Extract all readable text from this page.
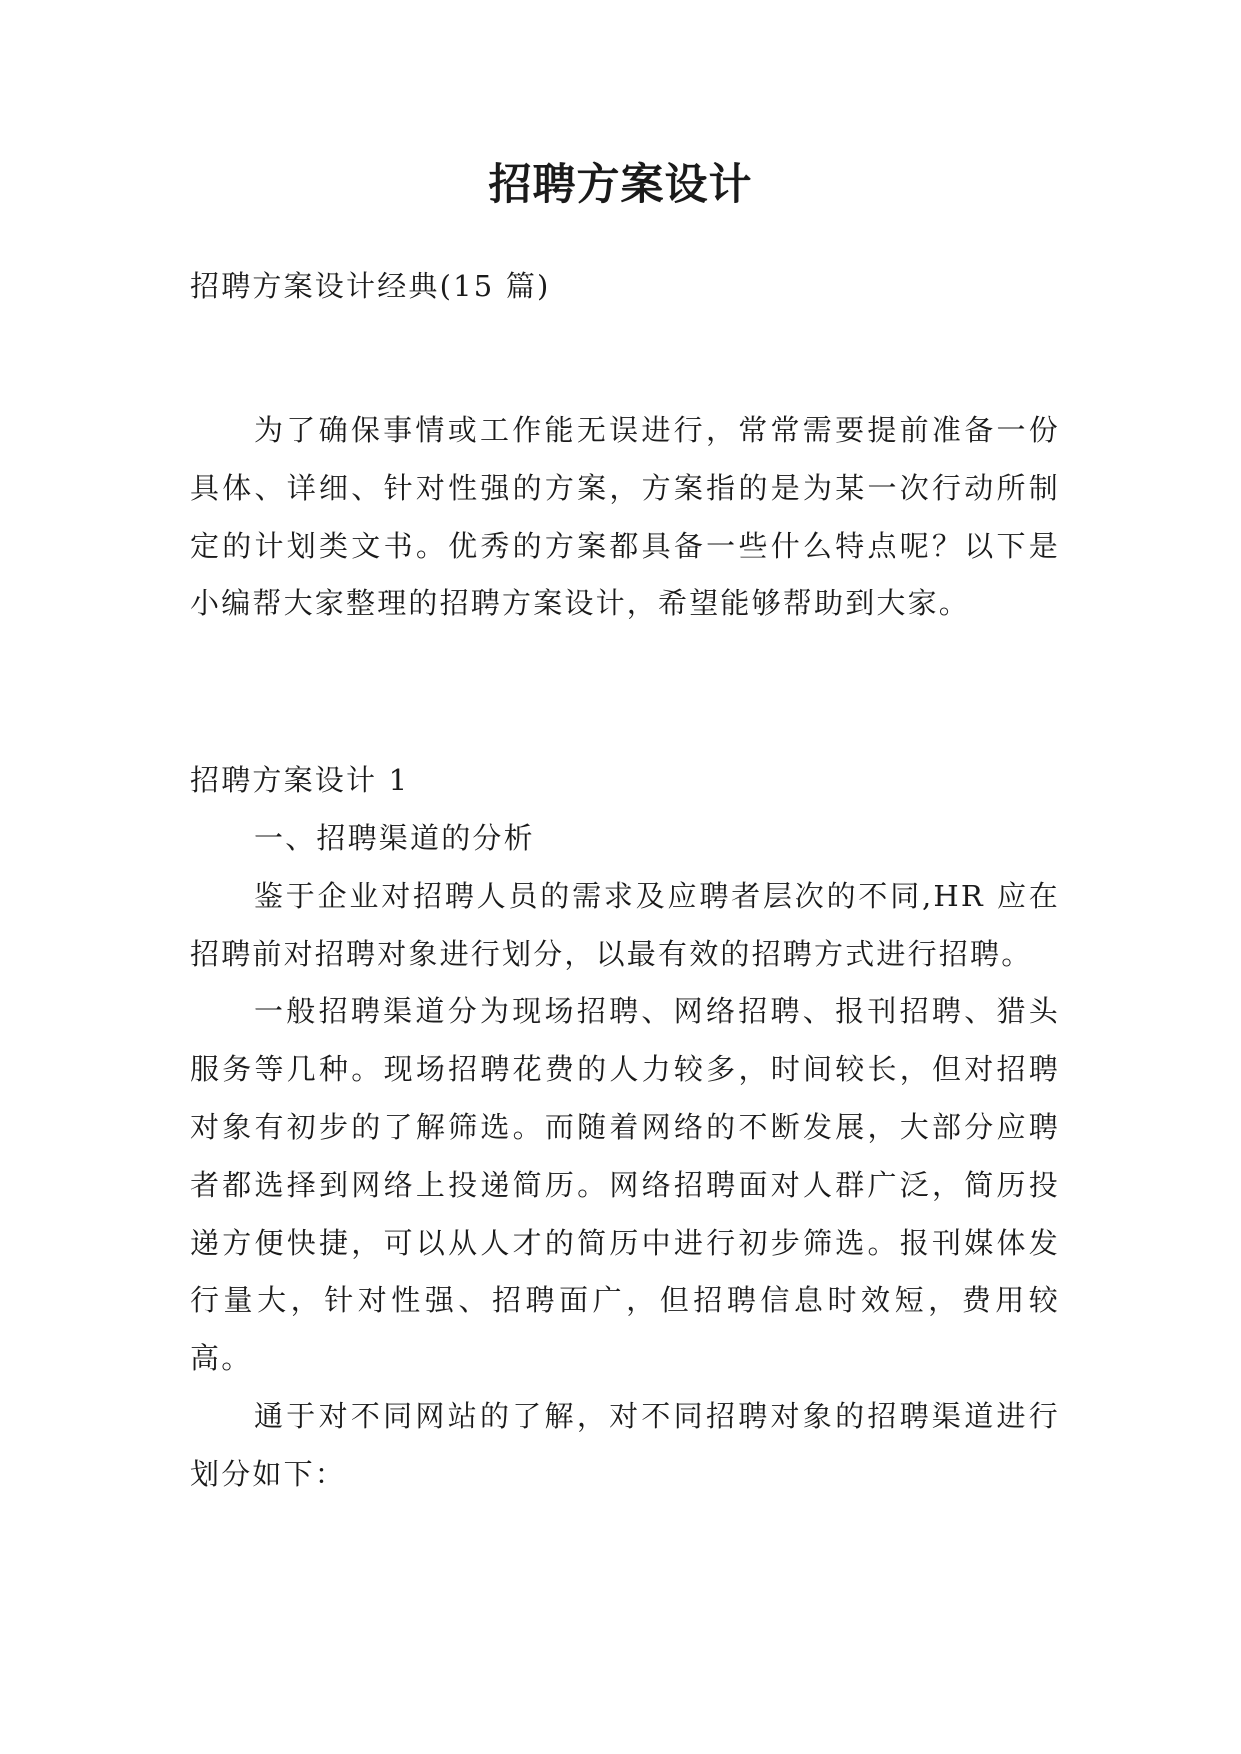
招聘方案设计
招聘方案设计经典(15 篇)

为了确保事情或工作能无误进行，常常需要提前准备一份具体、详细、针对性强的方案，方案指的是为某一次行动所制定的计划类文书。优秀的方案都具备一些什么特点呢？以下是小编帮大家整理的招聘方案设计，希望能够帮助到大家。

招聘方案设计 1

一、招聘渠道的分析

鉴于企业对招聘人员的需求及应聘者层次的不同,HR 应在招聘前对招聘对象进行划分，以最有效的招聘方式进行招聘。

一般招聘渠道分为现场招聘、网络招聘、报刊招聘、猎头服务等几种。现场招聘花费的人力较多，时间较长，但对招聘对象有初步的了解筛选。而随着网络的不断发展，大部分应聘者都选择到网络上投递简历。网络招聘面对人群广泛，简历投递方便快捷，可以从人才的简历中进行初步筛选。报刊媒体发行量大，针对性强、招聘面广，但招聘信息时效短，费用较高。

通于对不同网站的了解，对不同招聘对象的招聘渠道进行划分如下：
